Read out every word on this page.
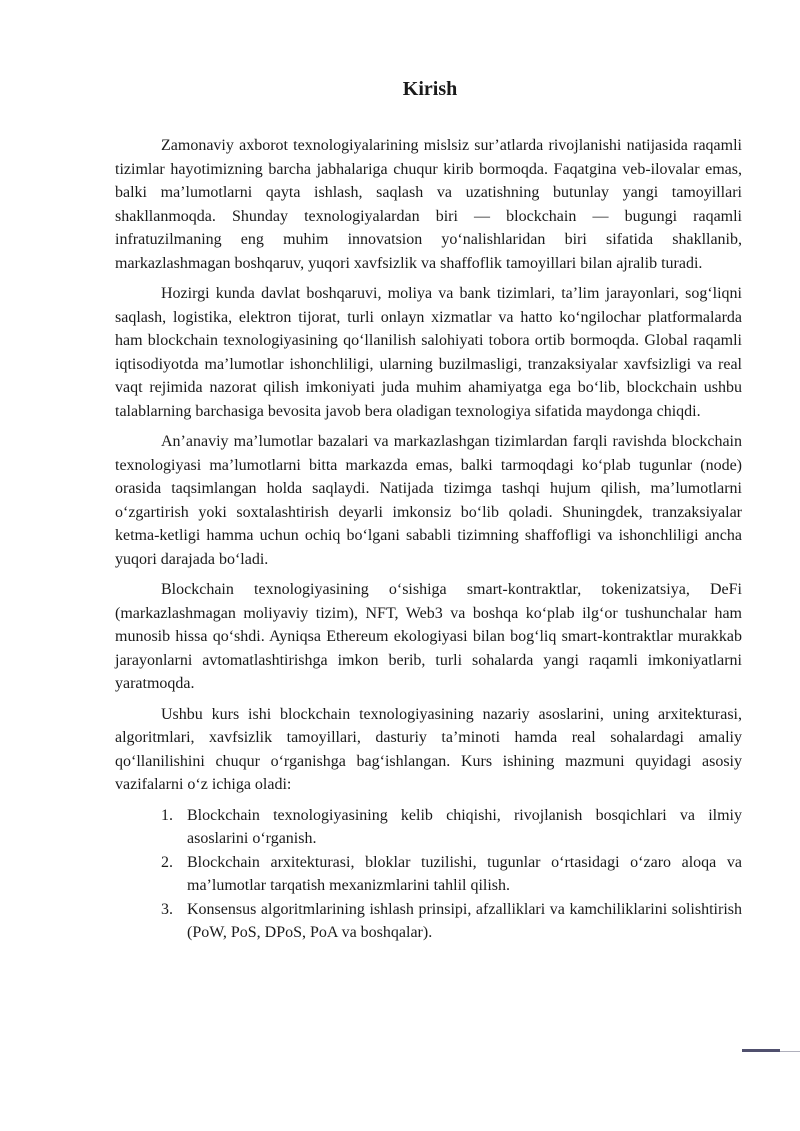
Kirish

Zamonaviy axborot texnologiyalarining mislsiz sur’atlarda rivojlanishi natijasida raqamli tizimlar hayotimizning barcha jabhalariga chuqur kirib bormoqda. Faqatgina veb-ilovalar emas, balki ma’lumotlarni qayta ishlash, saqlash va uzatishning butunlay yangi tamoyillari shakllanmoqda. Shunday texnologiyalardan biri — blockchain — bugungi raqamli infratuzilmaning eng muhim innovatsion yo‘nalishlaridan biri sifatida shakllanib, markazlashmagan boshqaruv, yuqori xavfsizlik va shaffoflik tamoyillari bilan ajralib turadi.

Hozirgi kunda davlat boshqaruvi, moliya va bank tizimlari, ta’lim jarayonlari, sog‘liqni saqlash, logistika, elektron tijorat, turli onlayn xizmatlar va hatto ko‘ngilochar platformalarda ham blockchain texnologiyasining qo‘llanilish salohiyati tobora ortib bormoqda. Global raqamli iqtisodiyotda ma’lumotlar ishonchliligi, ularning buzilmasligi, tranzaksiyalar xavfsizligi va real vaqt rejimida nazorat qilish imkoniyati juda muhim ahamiyatga ega bo‘lib, blockchain ushbu talablarning barchasiga bevosita javob bera oladigan texnologiya sifatida maydonga chiqdi.

An’anaviy ma’lumotlar bazalari va markazlashgan tizimlardan farqli ravishda blockchain texnologiyasi ma’lumotlarni bitta markazda emas, balki tarmoqdagi ko‘plab tugunlar (node) orasida taqsimlangan holda saqlaydi. Natijada tizimga tashqi hujum qilish, ma’lumotlarni o‘zgartirish yoki soxtalashtirish deyarli imkonsiz bo‘lib qoladi. Shuningdek, tranzaksiyalar ketma-ketligi hamma uchun ochiq bo‘lgani sababli tizimning shaffofligi va ishonchliligi ancha yuqori darajada bo‘ladi.

Blockchain texnologiyasining o‘sishiga smart-kontraktlar, tokenizatsiya, DeFi (markazlashmagan moliyaviy tizim), NFT, Web3 va boshqa ko‘plab ilg‘or tushunchalar ham munosib hissa qo‘shdi. Ayniqsa Ethereum ekologiyasi bilan bog‘liq smart-kontraktlar murakkab jarayonlarni avtomatlashtirishga imkon berib, turli sohalarda yangi raqamli imkoniyatlarni yaratmoqda.

Ushbu kurs ishi blockchain texnologiyasining nazariy asoslarini, uning arxitekturasi, algoritmlari, xavfsizlik tamoyillari, dasturiy ta’minoti hamda real sohalardagi amaliy qo‘llanilishini chuqur o‘rganishga bag‘ishlangan. Kurs ishining mazmuni quyidagi asosiy vazifalarni o‘z ichiga oladi:

1. Blockchain texnologiyasining kelib chiqishi, rivojlanish bosqichlari va ilmiy asoslarini o‘rganish.
2. Blockchain arxitekturasi, bloklar tuzilishi, tugunlar o‘rtasidagi o‘zaro aloqa va ma’lumotlar tarqatish mexanizmlarini tahlil qilish.
3. Konsensus algoritmlarining ishlash prinsipi, afzalliklari va kamchiliklarini solishtirish (PoW, PoS, DPoS, PoA va boshqalar).
